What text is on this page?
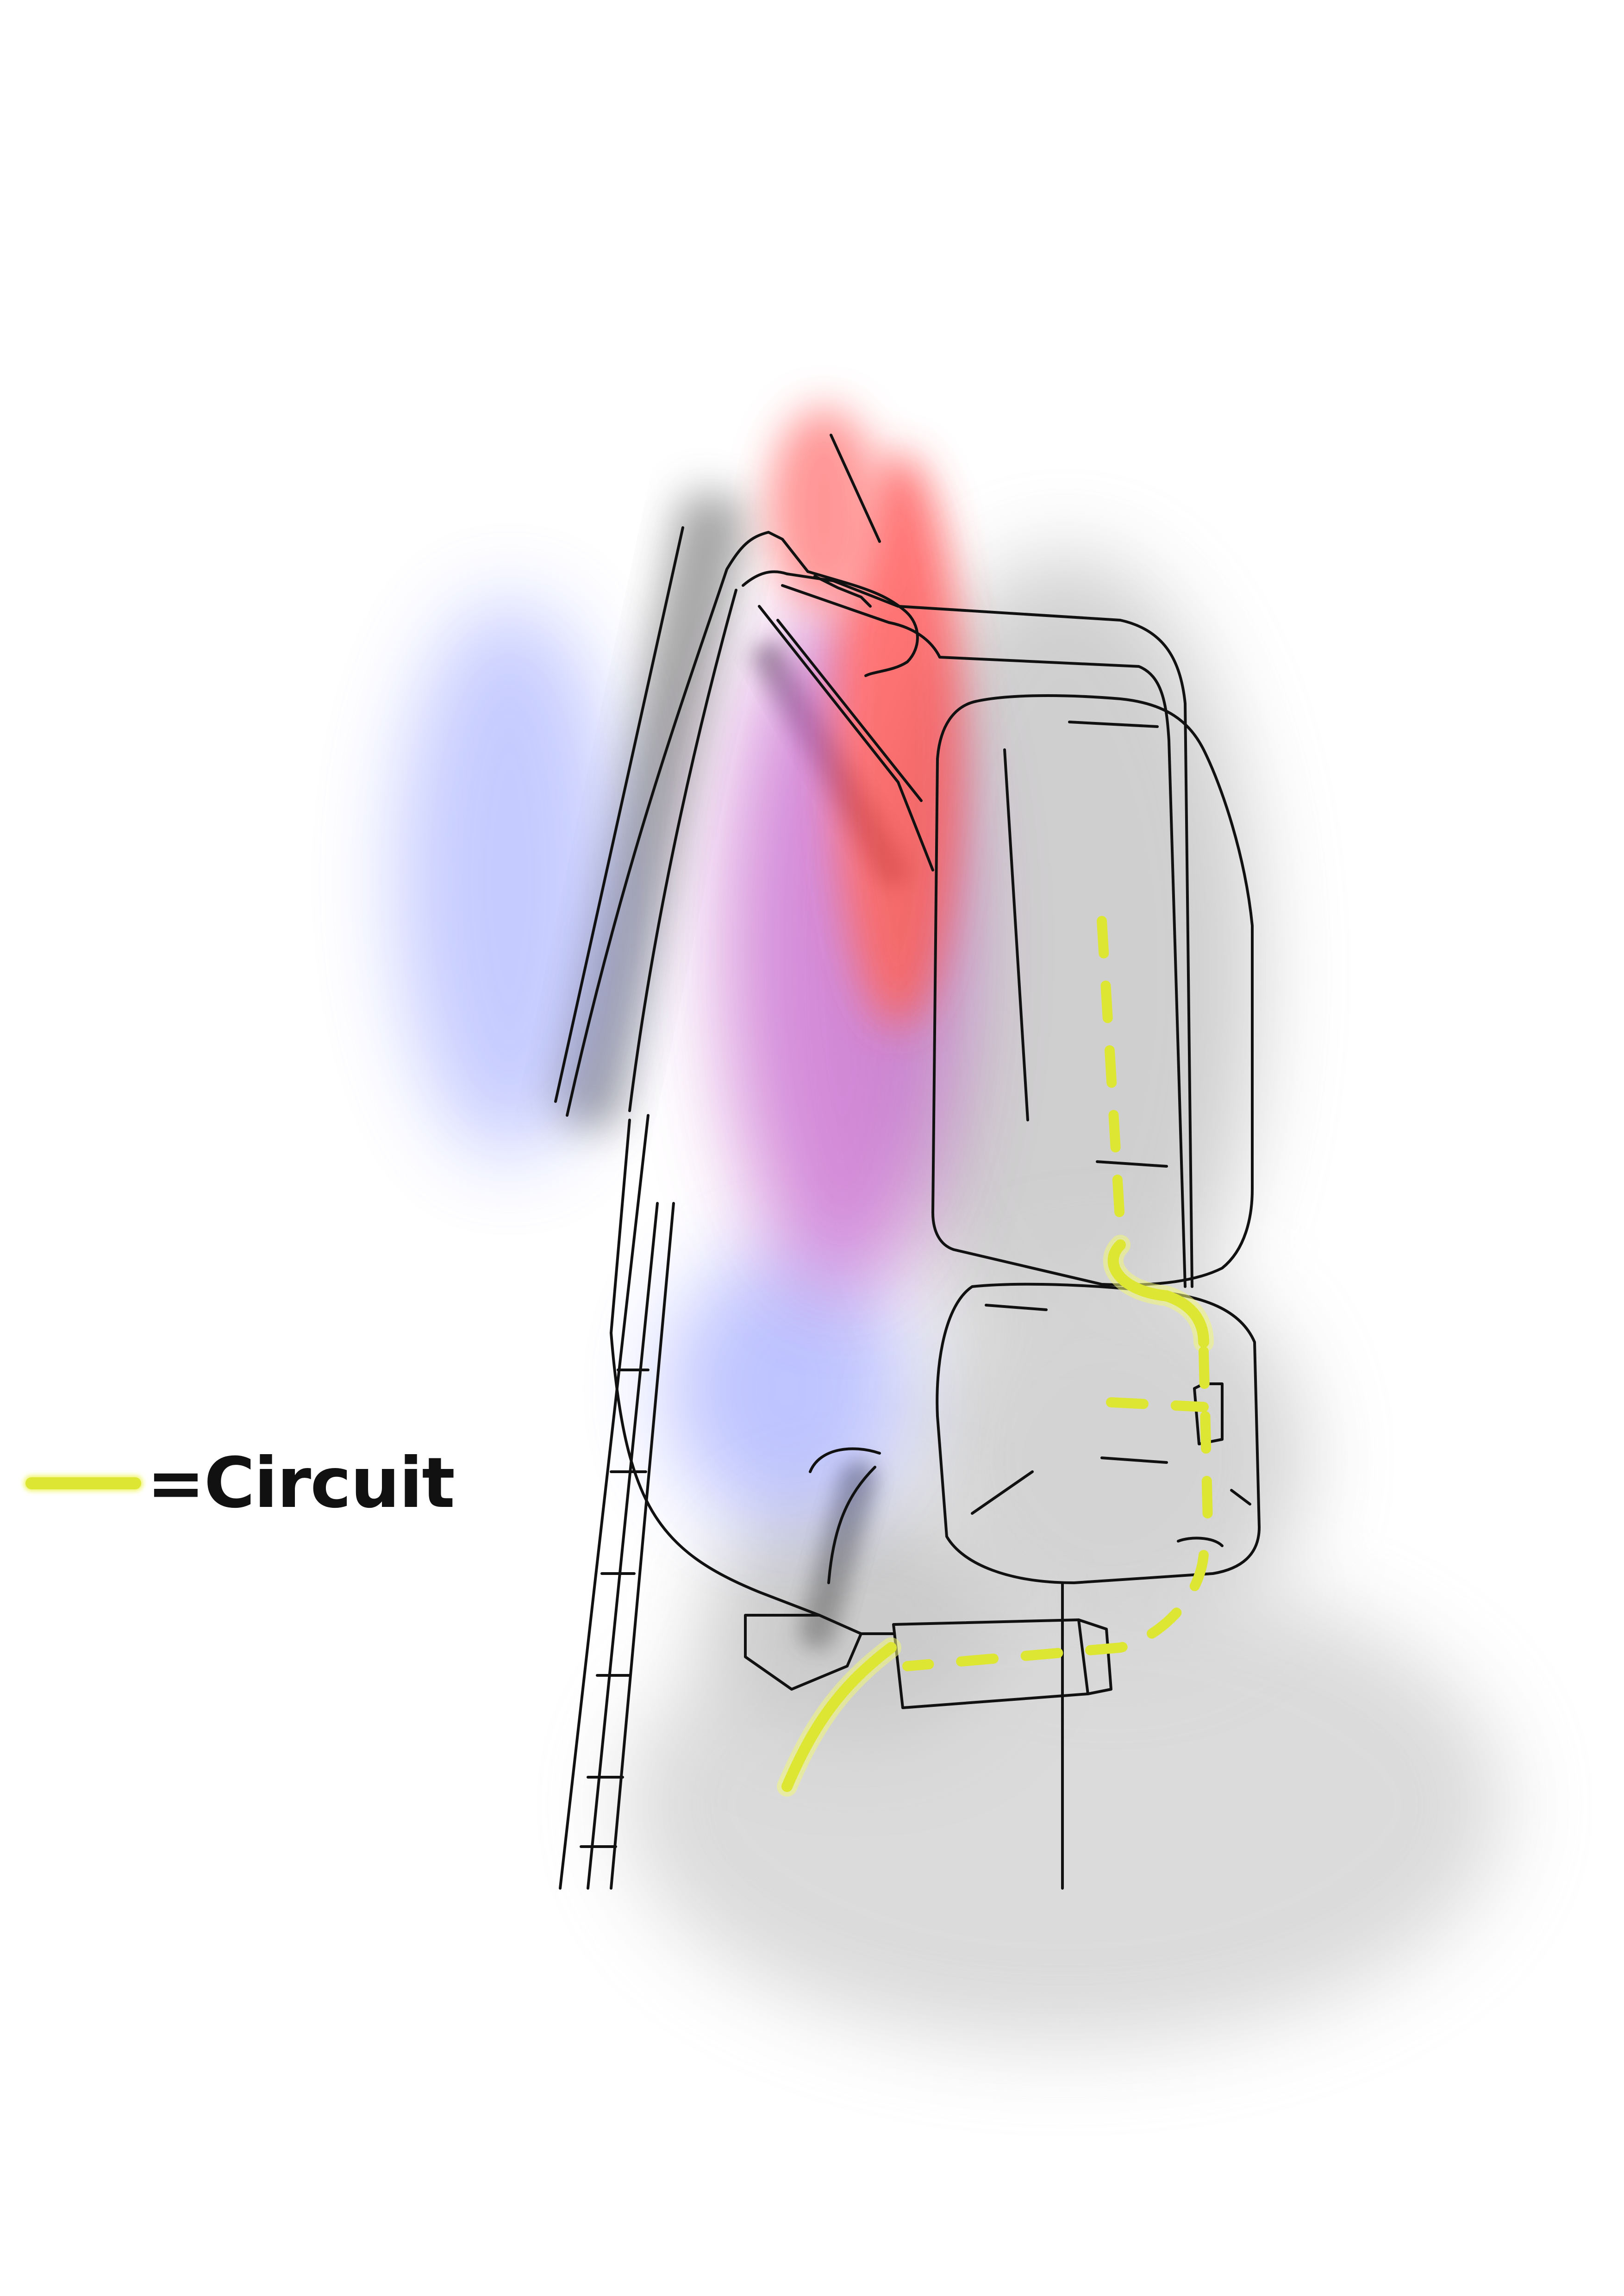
=Circuit
